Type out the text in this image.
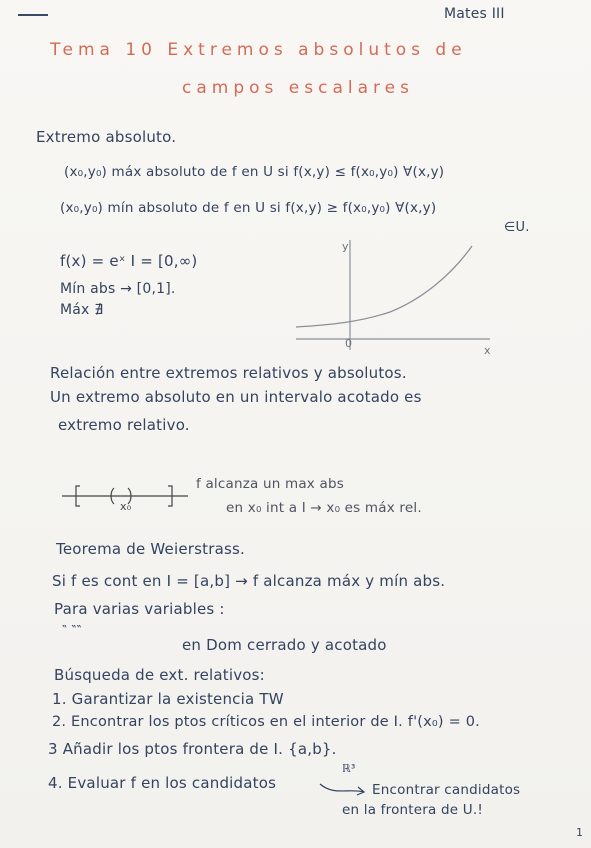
Mates III
Tema 10 Extremos absolutos de
campos escalares
Extremo absoluto.
(x₀,y₀) máx absoluto de f en U si f(x,y) ≤ f(x₀,y₀) ∀(x,y)
(x₀,y₀) mín absoluto de f en U si f(x,y) ≥ f(x₀,y₀) ∀(x,y)
∈U.
f(x) = eˣ I = [0,∞)
Mín abs → [0,1].
Máx ∄
y
x
0
Relación entre extremos relativos y absolutos.
Un extremo absoluto en un intervalo acotado es
extremo relativo.
x₀
f alcanza un max abs
en x₀ int a I → x₀ es máx rel.
Teorema de Weierstrass.
Si f es cont en I = [a,b] → f alcanza máx y mín abs.
Para varias variables :
‶ ‶‶
en Dom cerrado y acotado
Búsqueda de ext. relativos:
1. Garantizar la existencia TW
2. Encontrar los ptos críticos en el interior de I. f'(x₀) = 0.
3 Añadir los ptos frontera de I. {a,b}.
4. Evaluar f en los candidatos
ℝ³
Encontrar candidatos
en la frontera de U.!
1
